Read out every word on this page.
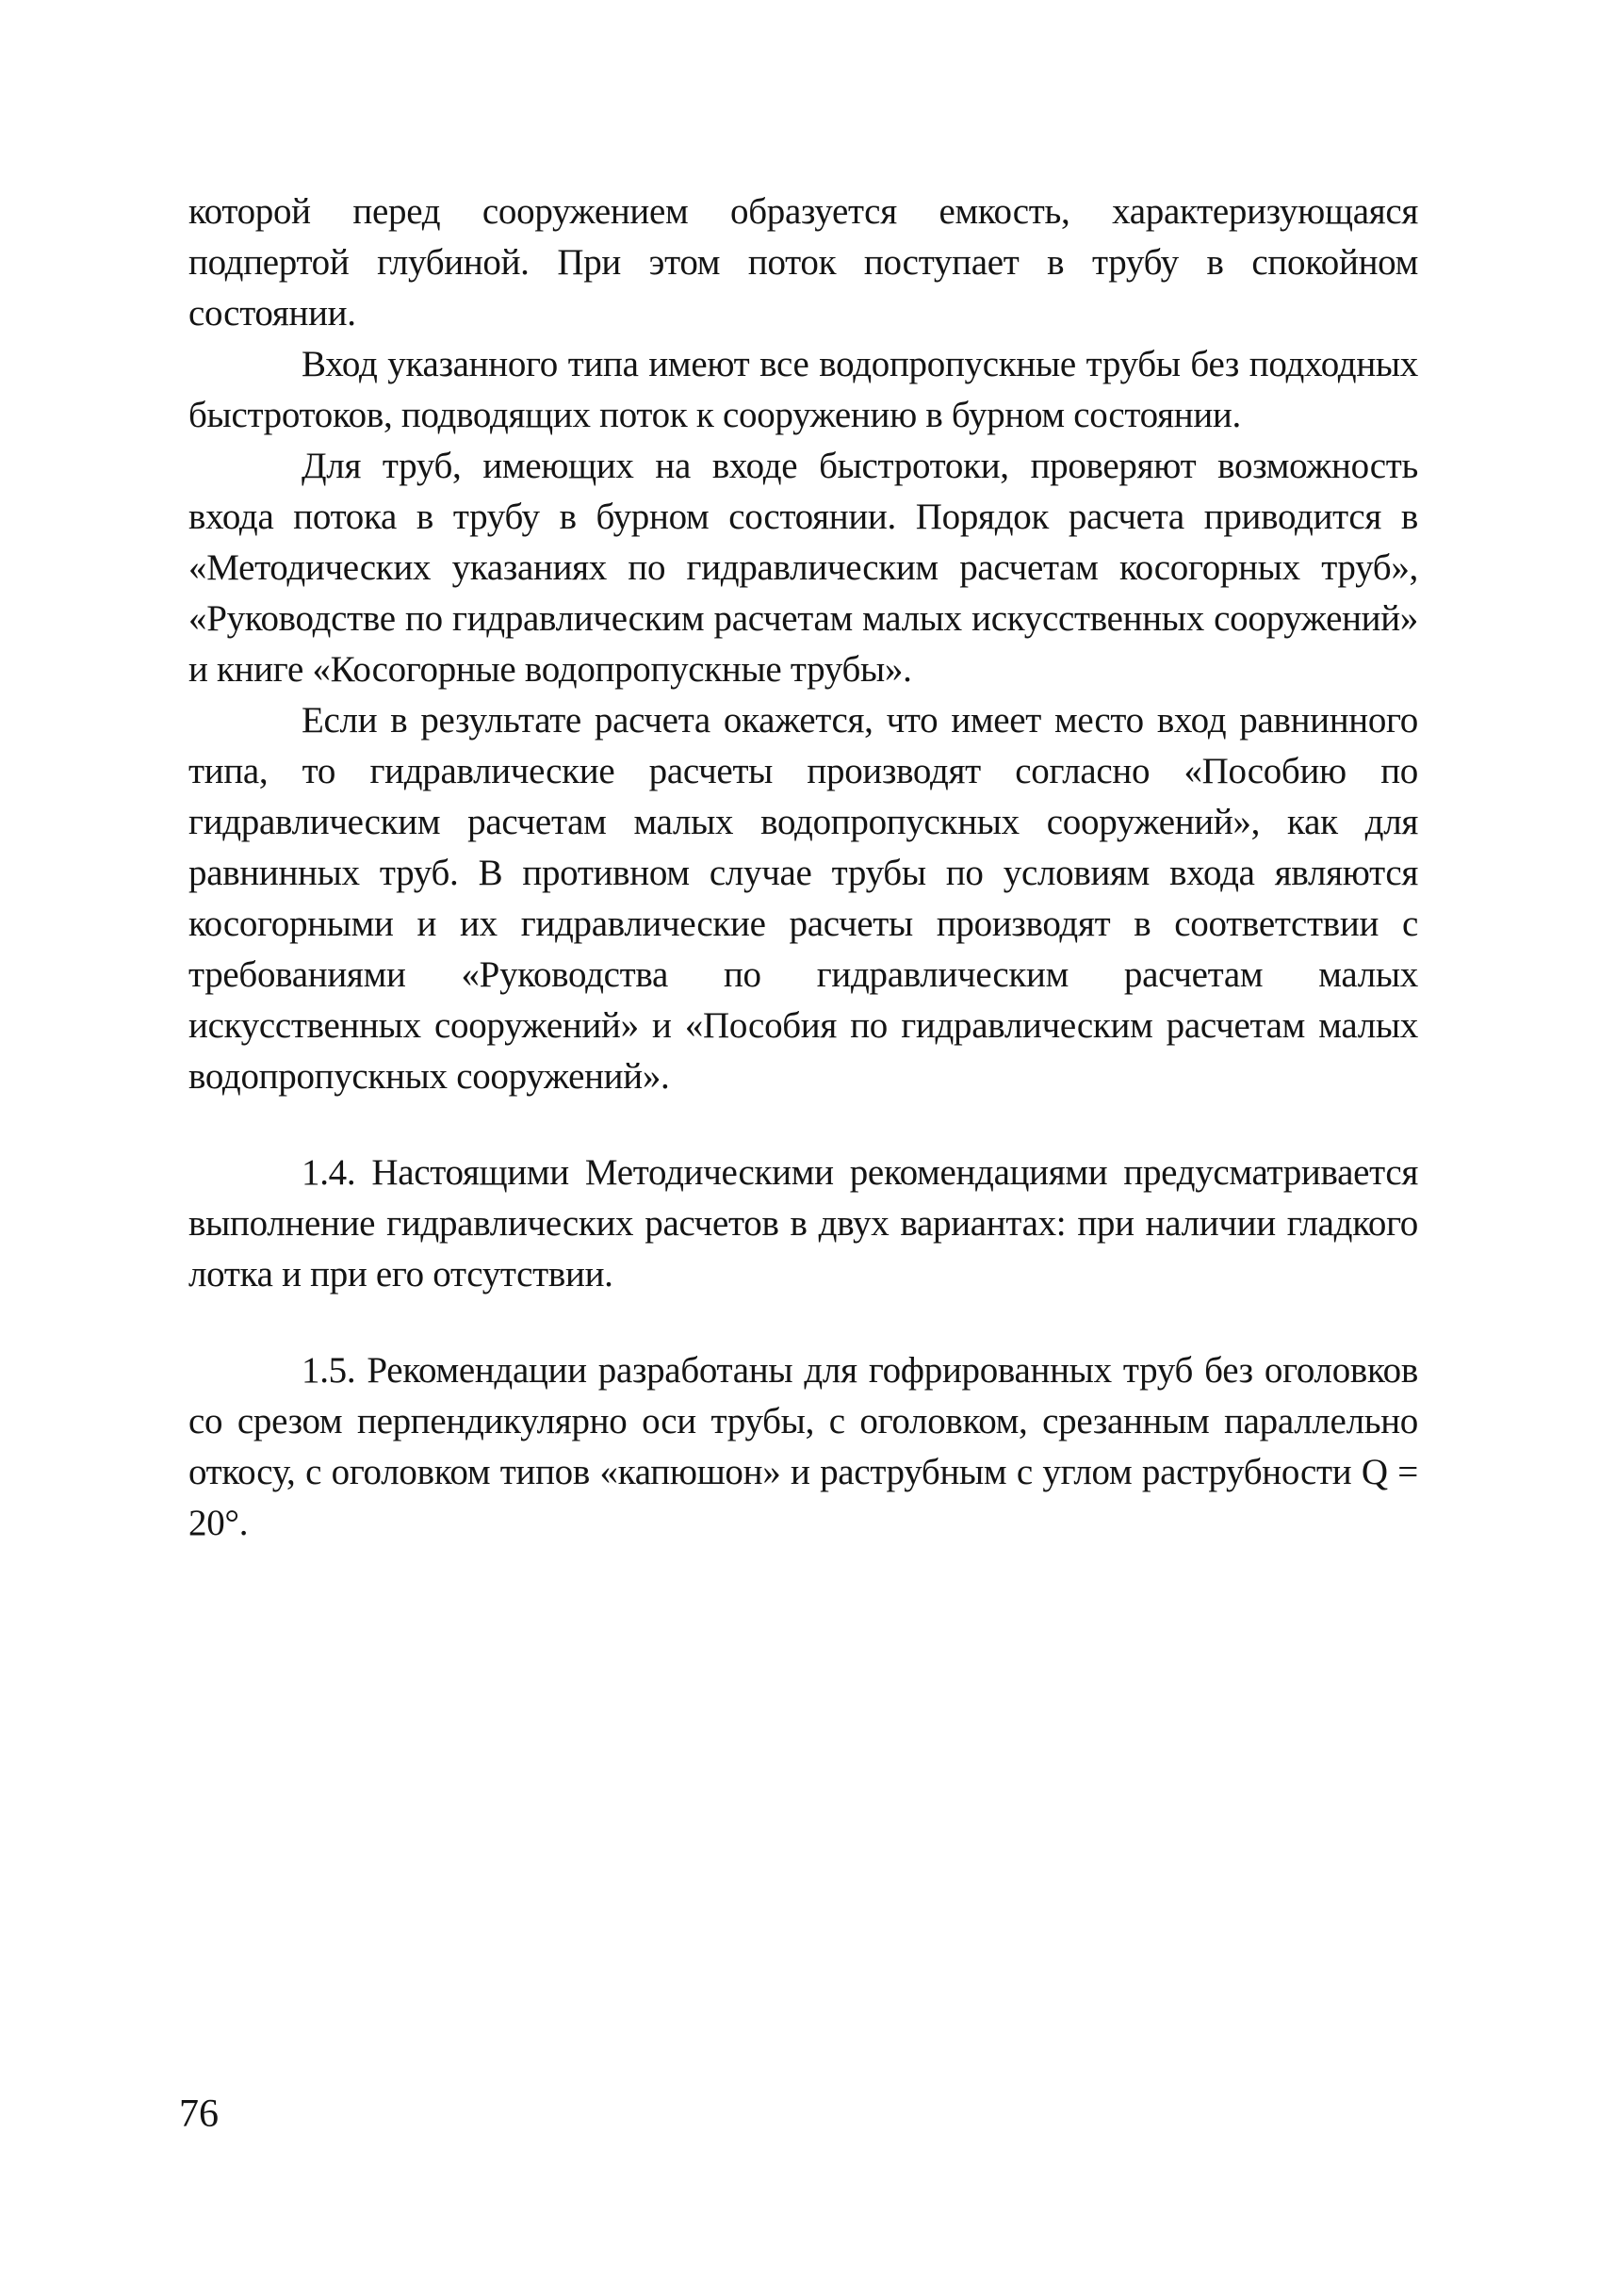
которой перед сооружением образуется емкость, характеризующаяся подпертой глубиной. При этом поток поступает в трубу в спокойном состоянии.

Вход указанного типа имеют все водопропускные трубы без подходных быстротоков, подводящих поток к сооружению в бурном состоянии.

Для труб, имеющих на входе быстротоки, проверяют возможность входа потока в трубу в бурном состоянии. Порядок расчета приводится в «Методических указаниях по гидравлическим расчетам косогорных труб», «Руководстве по гидравлическим расчетам малых искусственных сооружений» и книге «Косогорные водопропускные трубы».

Если в результате расчета окажется, что имеет место вход равнинного типа, то гидравлические расчеты производят согласно «Пособию по гидравлическим расчетам малых водопропускных сооружений», как для равнинных труб. В противном случае трубы по условиям входа являются косогорными и их гидравлические расчеты производят в соответствии с требованиями «Руководства по гидравлическим расчетам малых искусственных сооружений» и «Пособия по гидравлическим расчетам малых водопропускных сооружений».

1.4. Настоящими Методическими рекомендациями предусматривается выполнение гидравлических расчетов в двух вариантах: при наличии гладкого лотка и при его отсутствии.

1.5. Рекомендации разработаны для гофрированных труб без оголовков со срезом перпендикулярно оси трубы, с оголовком, срезанным параллельно откосу, с оголовком типов «капюшон» и раструбным с углом раструбности Q = 20°.

76
